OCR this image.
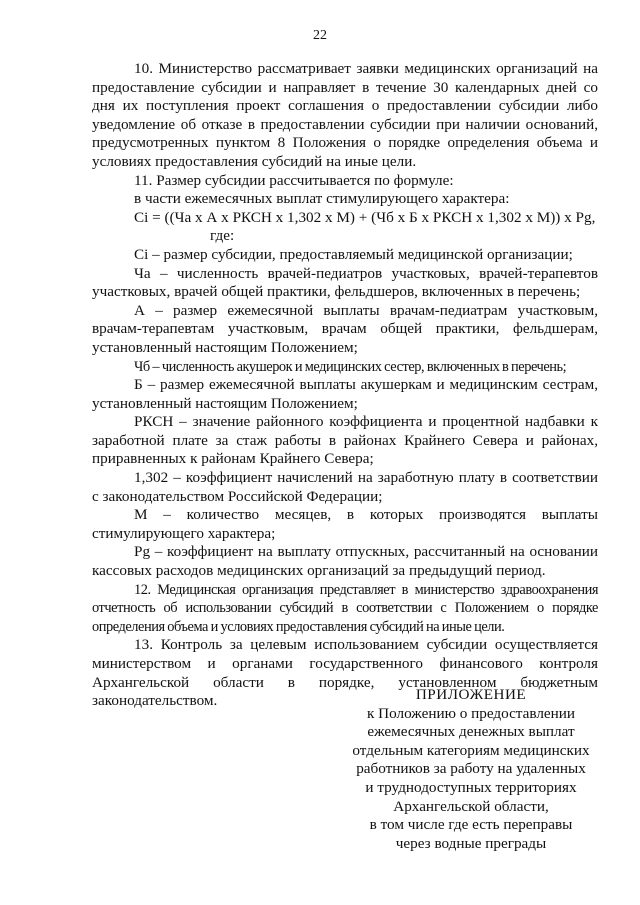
22

10. Министерство рассматривает заявки медицинских организаций на предоставление субсидии и направляет в течение 30 календарных дней со дня их поступления проект соглашения о предоставлении субсидии либо уведомление об отказе в предоставлении субсидии при наличии оснований, предусмотренных пунктом 8 Положения о порядке определения объема и условиях предоставления субсидий на иные цели.

11. Размер субсидии рассчитывается по формуле:

в части ежемесячных выплат стимулирующего характера:

Ci = ((Ча х А х РКСН х 1,302 х М) + (Чб х Б х РКСН х 1,302 х М)) х Pg,

где:

Ci – размер субсидии, предоставляемый медицинской организации;

Ча – численность врачей-педиатров участковых, врачей-терапевтов участковых, врачей общей практики, фельдшеров, включенных в перечень;

А – размер ежемесячной выплаты врачам-педиатрам участковым, врачам-терапевтам участковым, врачам общей практики, фельдшерам, установленный настоящим Положением;

Чб – численность акушерок и медицинских сестер, включенных в перечень;

Б – размер ежемесячной выплаты акушеркам и медицинским сестрам, установленный настоящим Положением;

РКСН – значение районного коэффициента и процентной надбавки к заработной плате за стаж работы в районах Крайнего Севера и районах, приравненных к районам Крайнего Севера;

1,302 – коэффициент начислений на заработную плату в соответствии с законодательством Российской Федерации;

М – количество месяцев, в которых производятся выплаты стимулирующего характера;

Pg – коэффициент на выплату отпускных, рассчитанный на основании кассовых расходов медицинских организаций за предыдущий период.

12. Медицинская организация представляет в министерство здравоохранения отчетность об использовании субсидий в соответствии с Положением о порядке определения объема и условиях предоставления субсидий на иные цели.

13. Контроль за целевым использованием субсидии осуществляется министерством и органами государственного финансового контроля Архангельской области в порядке, установленном бюджетным законодательством.	ПРИЛОЖЕНИЕ
к Положению о предоставлении
ежемесячных денежных выплат
отдельным категориям медицинских
работников за работу на удаленных
и труднодоступных территориях
Архангельской области,
в том числе где есть переправы
через водные преграды
